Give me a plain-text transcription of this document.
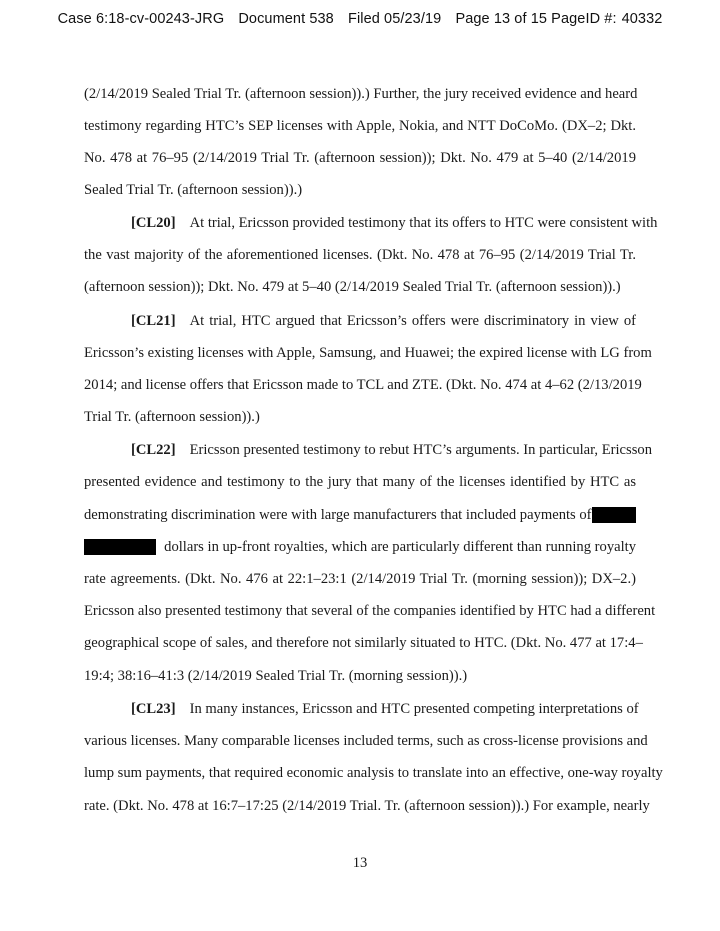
Case 6:18-cv-00243-JRG Document 538 Filed 05/23/19 Page 13 of 15 PageID #: 40332
(2/14/2019 Sealed Trial Tr. (afternoon session)).) Further, the jury received evidence and heard
testimony regarding HTC’s SEP licenses with Apple, Nokia, and NTT DoCoMo. (DX–2; Dkt.
No. 478 at 76–95 (2/14/2019 Trial Tr. (afternoon session)); Dkt. No. 479 at 5–40 (2/14/2019
Sealed Trial Tr. (afternoon session)).)
[CL20] At trial, Ericsson provided testimony that its offers to HTC were consistent with
the vast majority of the aforementioned licenses. (Dkt. No. 478 at 76–95 (2/14/2019 Trial Tr.
(afternoon session)); Dkt. No. 479 at 5–40 (2/14/2019 Sealed Trial Tr. (afternoon session)).)
[CL21] At trial, HTC argued that Ericsson’s offers were discriminatory in view of
Ericsson’s existing licenses with Apple, Samsung, and Huawei; the expired license with LG from
2014; and license offers that Ericsson made to TCL and ZTE. (Dkt. No. 474 at 4–62 (2/13/2019
Trial Tr. (afternoon session)).)
[CL22] Ericsson presented testimony to rebut HTC’s arguments. In particular, Ericsson
presented evidence and testimony to the jury that many of the licenses identified by HTC as
demonstrating discrimination were with large manufacturers that included payments of
dollars in up-front royalties, which are particularly different than running royalty
rate agreements. (Dkt. No. 476 at 22:1–23:1 (2/14/2019 Trial Tr. (morning session)); DX–2.)
Ericsson also presented testimony that several of the companies identified by HTC had a different
geographical scope of sales, and therefore not similarly situated to HTC. (Dkt. No. 477 at 17:4–
19:4; 38:16–41:3 (2/14/2019 Sealed Trial Tr. (morning session)).)
[CL23] In many instances, Ericsson and HTC presented competing interpretations of
various licenses. Many comparable licenses included terms, such as cross-license provisions and
lump sum payments, that required economic analysis to translate into an effective, one-way royalty
rate. (Dkt. No. 478 at 16:7–17:25 (2/14/2019 Trial. Tr. (afternoon session)).) For example, nearly
13
